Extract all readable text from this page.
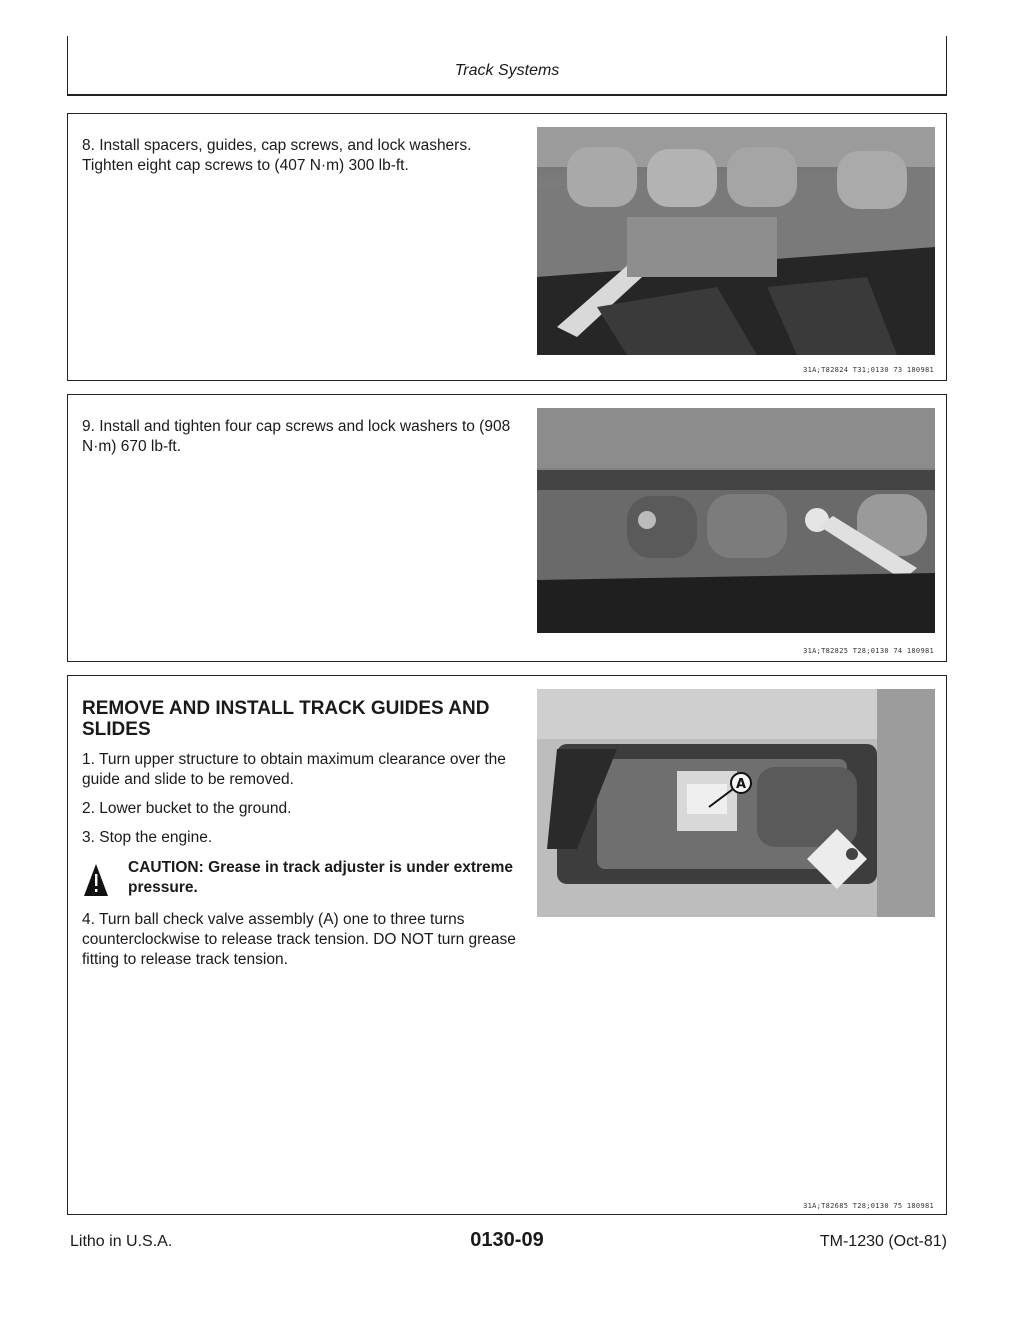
Track Systems

8. Install spacers, guides, cap screws, and lock washers. Tighten eight cap screws to (407 N·m) 300 lb-ft.

31A;T82824 T31;0130 73 180981

9. Install and tighten four cap screws and lock washers to (908 N·m) 670 lb-ft.

31A;T82825 T28;0130 74 180981
REMOVE AND INSTALL TRACK GUIDES AND SLIDES

1. Turn upper structure to obtain maximum clearance over the guide and slide to be removed.

2. Lower bucket to the ground.

3. Stop the engine.

CAUTION: Grease in track adjuster is under extreme pressure.

4. Turn ball check valve assembly (A) one to three turns counterclockwise to release track tension. DO NOT turn grease fitting to release track tension.

A
31A;T82685 T28;0130 75 180981
Litho in U.S.A.	0130-09	TM-1230 (Oct-81)
